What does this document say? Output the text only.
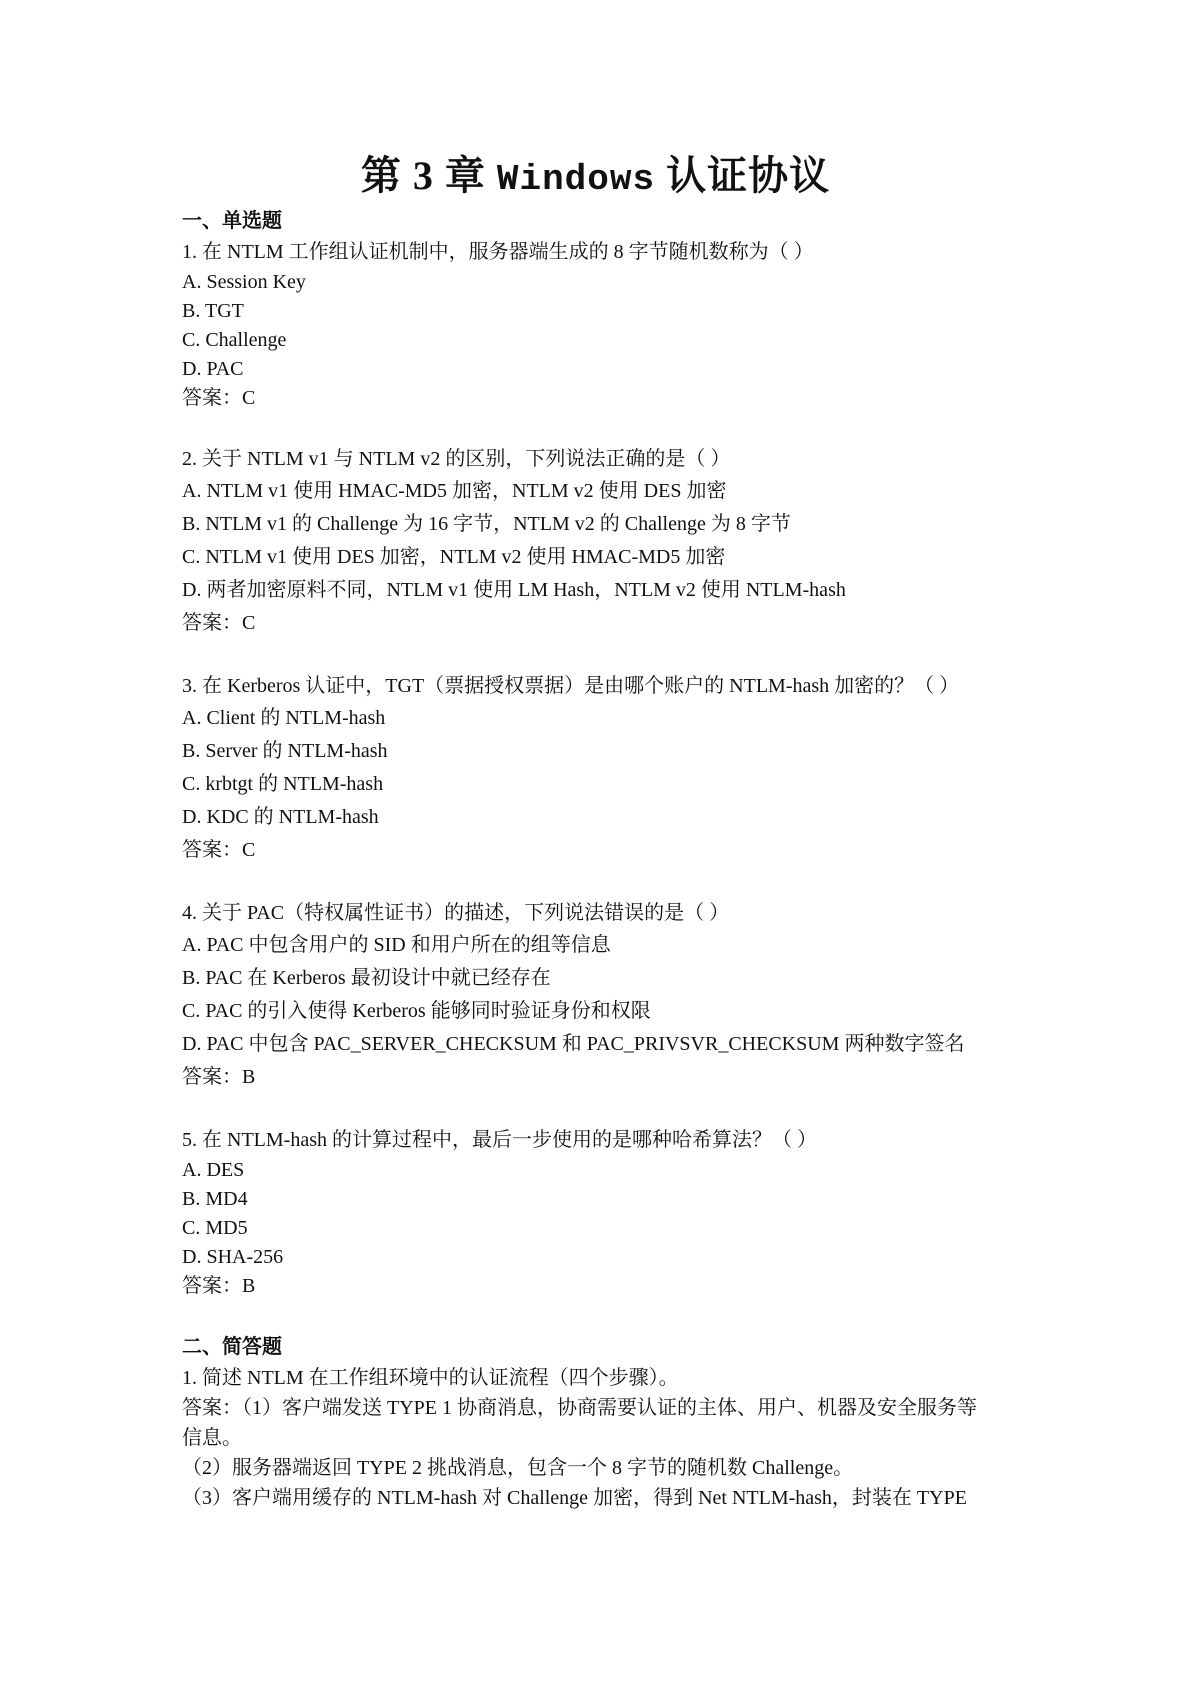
第 3 章 Windows 认证协议

一、单选题

1. 在 NTLM 工作组认证机制中，服务器端生成的 8 字节随机数称为（ ）

A. Session Key

B. TGT

C. Challenge

D. PAC

答案：C

2. 关于 NTLM v1 与 NTLM v2 的区别，下列说法正确的是（ ）

A. NTLM v1 使用 HMAC-MD5 加密，NTLM v2 使用 DES 加密

B. NTLM v1 的 Challenge 为 16 字节，NTLM v2 的 Challenge 为 8 字节

C. NTLM v1 使用 DES 加密，NTLM v2 使用 HMAC-MD5 加密

D. 两者加密原料不同，NTLM v1 使用 LM Hash，NTLM v2 使用 NTLM-hash

答案：C

3. 在 Kerberos 认证中，TGT（票据授权票据）是由哪个账户的 NTLM-hash 加密的？（ ）

A. Client 的 NTLM-hash

B. Server 的 NTLM-hash

C. krbtgt 的 NTLM-hash

D. KDC 的 NTLM-hash

答案：C

4. 关于 PAC（特权属性证书）的描述，下列说法错误的是（ ）

A. PAC 中包含用户的 SID 和用户所在的组等信息

B. PAC 在 Kerberos 最初设计中就已经存在

C. PAC 的引入使得 Kerberos 能够同时验证身份和权限

D. PAC 中包含 PAC_SERVER_CHECKSUM 和 PAC_PRIVSVR_CHECKSUM 两种数字签名

答案：B

5. 在 NTLM-hash 的计算过程中，最后一步使用的是哪种哈希算法？（ ）

A. DES

B. MD4

C. MD5

D. SHA-256

答案：B

二、简答题

1. 简述 NTLM 在工作组环境中的认证流程（四个步骤）。

答案：（1）客户端发送 TYPE 1 协商消息，协商需要认证的主体、用户、机器及安全服务等

信息。

（2）服务器端返回 TYPE 2 挑战消息，包含一个 8 字节的随机数 Challenge。

（3）客户端用缓存的 NTLM-hash 对 Challenge 加密，得到 Net NTLM-hash，封装在 TYPE
